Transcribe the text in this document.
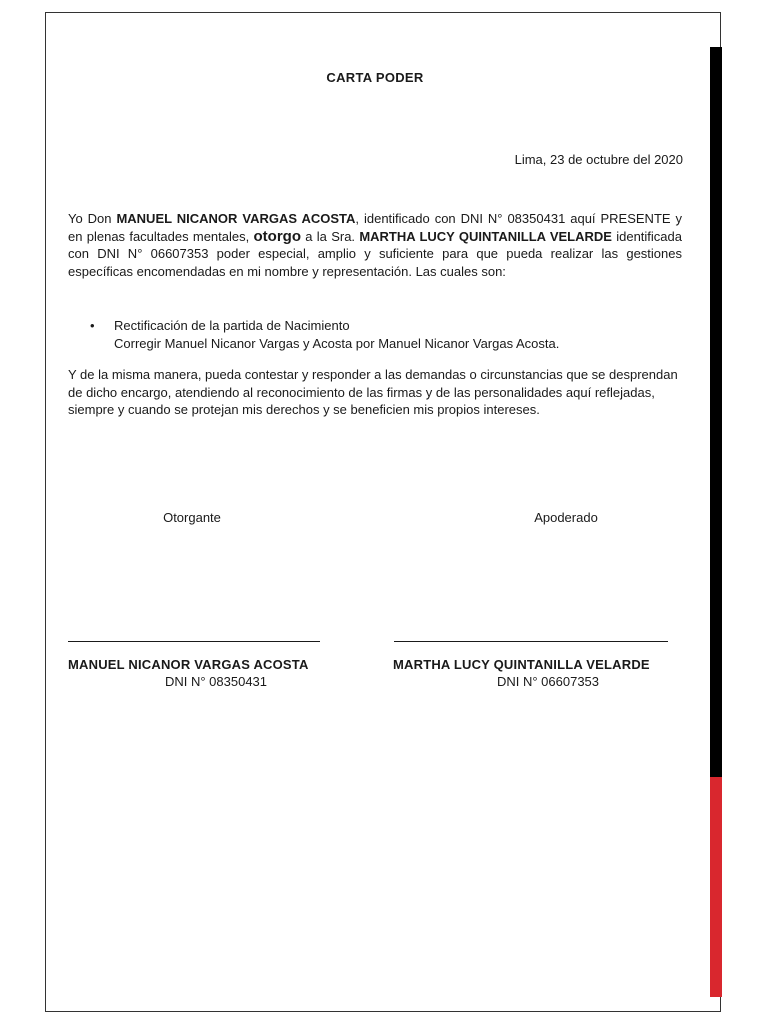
CARTA PODER
Lima, 23 de octubre del 2020
Yo Don MANUEL NICANOR VARGAS ACOSTA, identificado con DNI N° 08350431 aquí PRESENTE y en plenas facultades mentales, otorgo a la Sra. MARTHA LUCY QUINTANILLA VELARDE identificada con DNI N° 06607353 poder especial, amplio y suficiente para que pueda realizar las gestiones específicas encomendadas en mi nombre y representación. Las cuales son:
• Rectificación de la partida de Nacimiento
Corregir Manuel Nicanor Vargas y Acosta por Manuel Nicanor Vargas Acosta.
Y de la misma manera, pueda contestar y responder a las demandas o circunstancias que se desprendan de dicho encargo, atendiendo al reconocimiento de las firmas y de las personalidades aquí reflejadas, siempre y cuando se protejan mis derechos y se beneficien mis propios intereses.
Otorgante	Apoderado
MANUEL NICANOR VARGAS ACOSTA	MARTHA LUCY QUINTANILLA VELARDE
DNI N° 08350431	DNI N° 06607353
